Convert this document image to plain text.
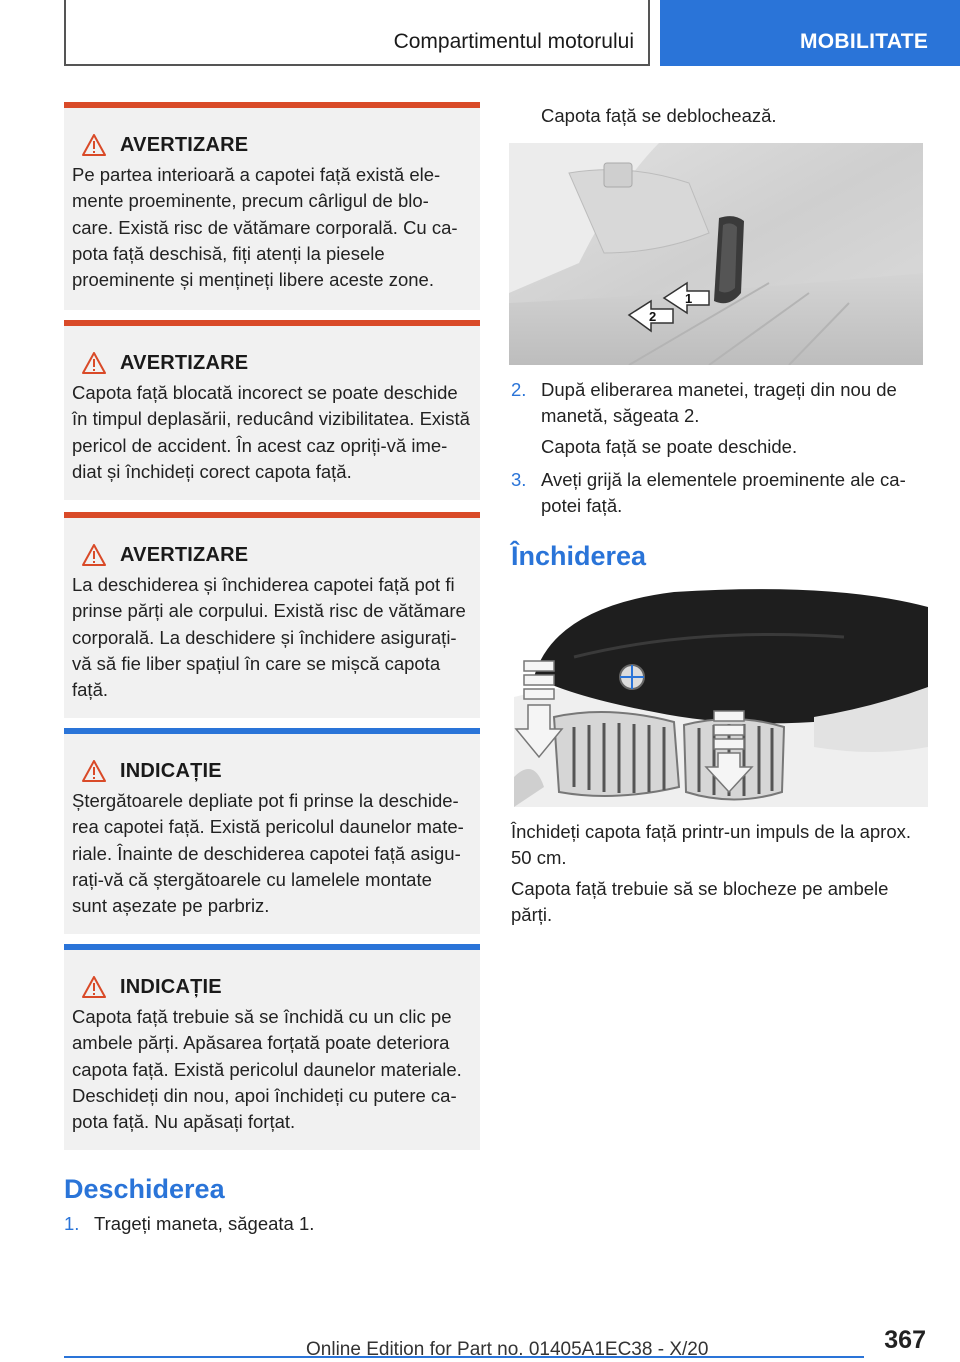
Compartimentul motorului	MOBILITATE
AVERTIZARE
Pe partea interioară a capotei față există ele-
mente proeminente, precum cârligul de blo-
care. Există risc de vătămare corporală. Cu ca-
pota față deschisă, fiți atenți la piesele
proeminente și mențineți libere aceste zone.
AVERTIZARE
Capota față blocată incorect se poate deschide
în timpul deplasării, reducând vizibilitatea. Există
pericol de accident. În acest caz opriți-vă ime-
diat și închideți corect capota față.
AVERTIZARE
La deschiderea și închiderea capotei față pot fi
prinse părți ale corpului. Există risc de vătămare
corporală. La deschidere și închidere asigurați-
vă să fie liber spațiul în care se mișcă capota
față.
INDICAȚIE
Ștergătoarele depliate pot fi prinse la deschide-
rea capotei față. Există pericolul daunelor mate-
riale. Înainte de deschiderea capotei față asigu-
rați-vă că ștergătoarele cu lamelele montate
sunt așezate pe parbriz.
INDICAȚIE
Capota față trebuie să se închidă cu un clic pe
ambele părți. Apăsarea forțată poate deteriora
capota față. Există pericolul daunelor materiale.
Deschideți din nou, apoi închideți cu putere ca-
pota față. Nu apăsați forțat.
Deschiderea
1. Trageți maneta, săgeata 1.
Capota față se deblochează.
1
2
2. După eliberarea manetei, trageți din nou de
manetă, săgeata 2.
Capota față se poate deschide.
3. Aveți grijă la elementele proeminente ale ca-
potei față.
Închiderea
Închideți capota față printr-un impuls de la aprox.
50 cm.
Capota față trebuie să se blocheze pe ambele
părți.
367
Online Edition for Part no. 01405A1EC38 - X/20
